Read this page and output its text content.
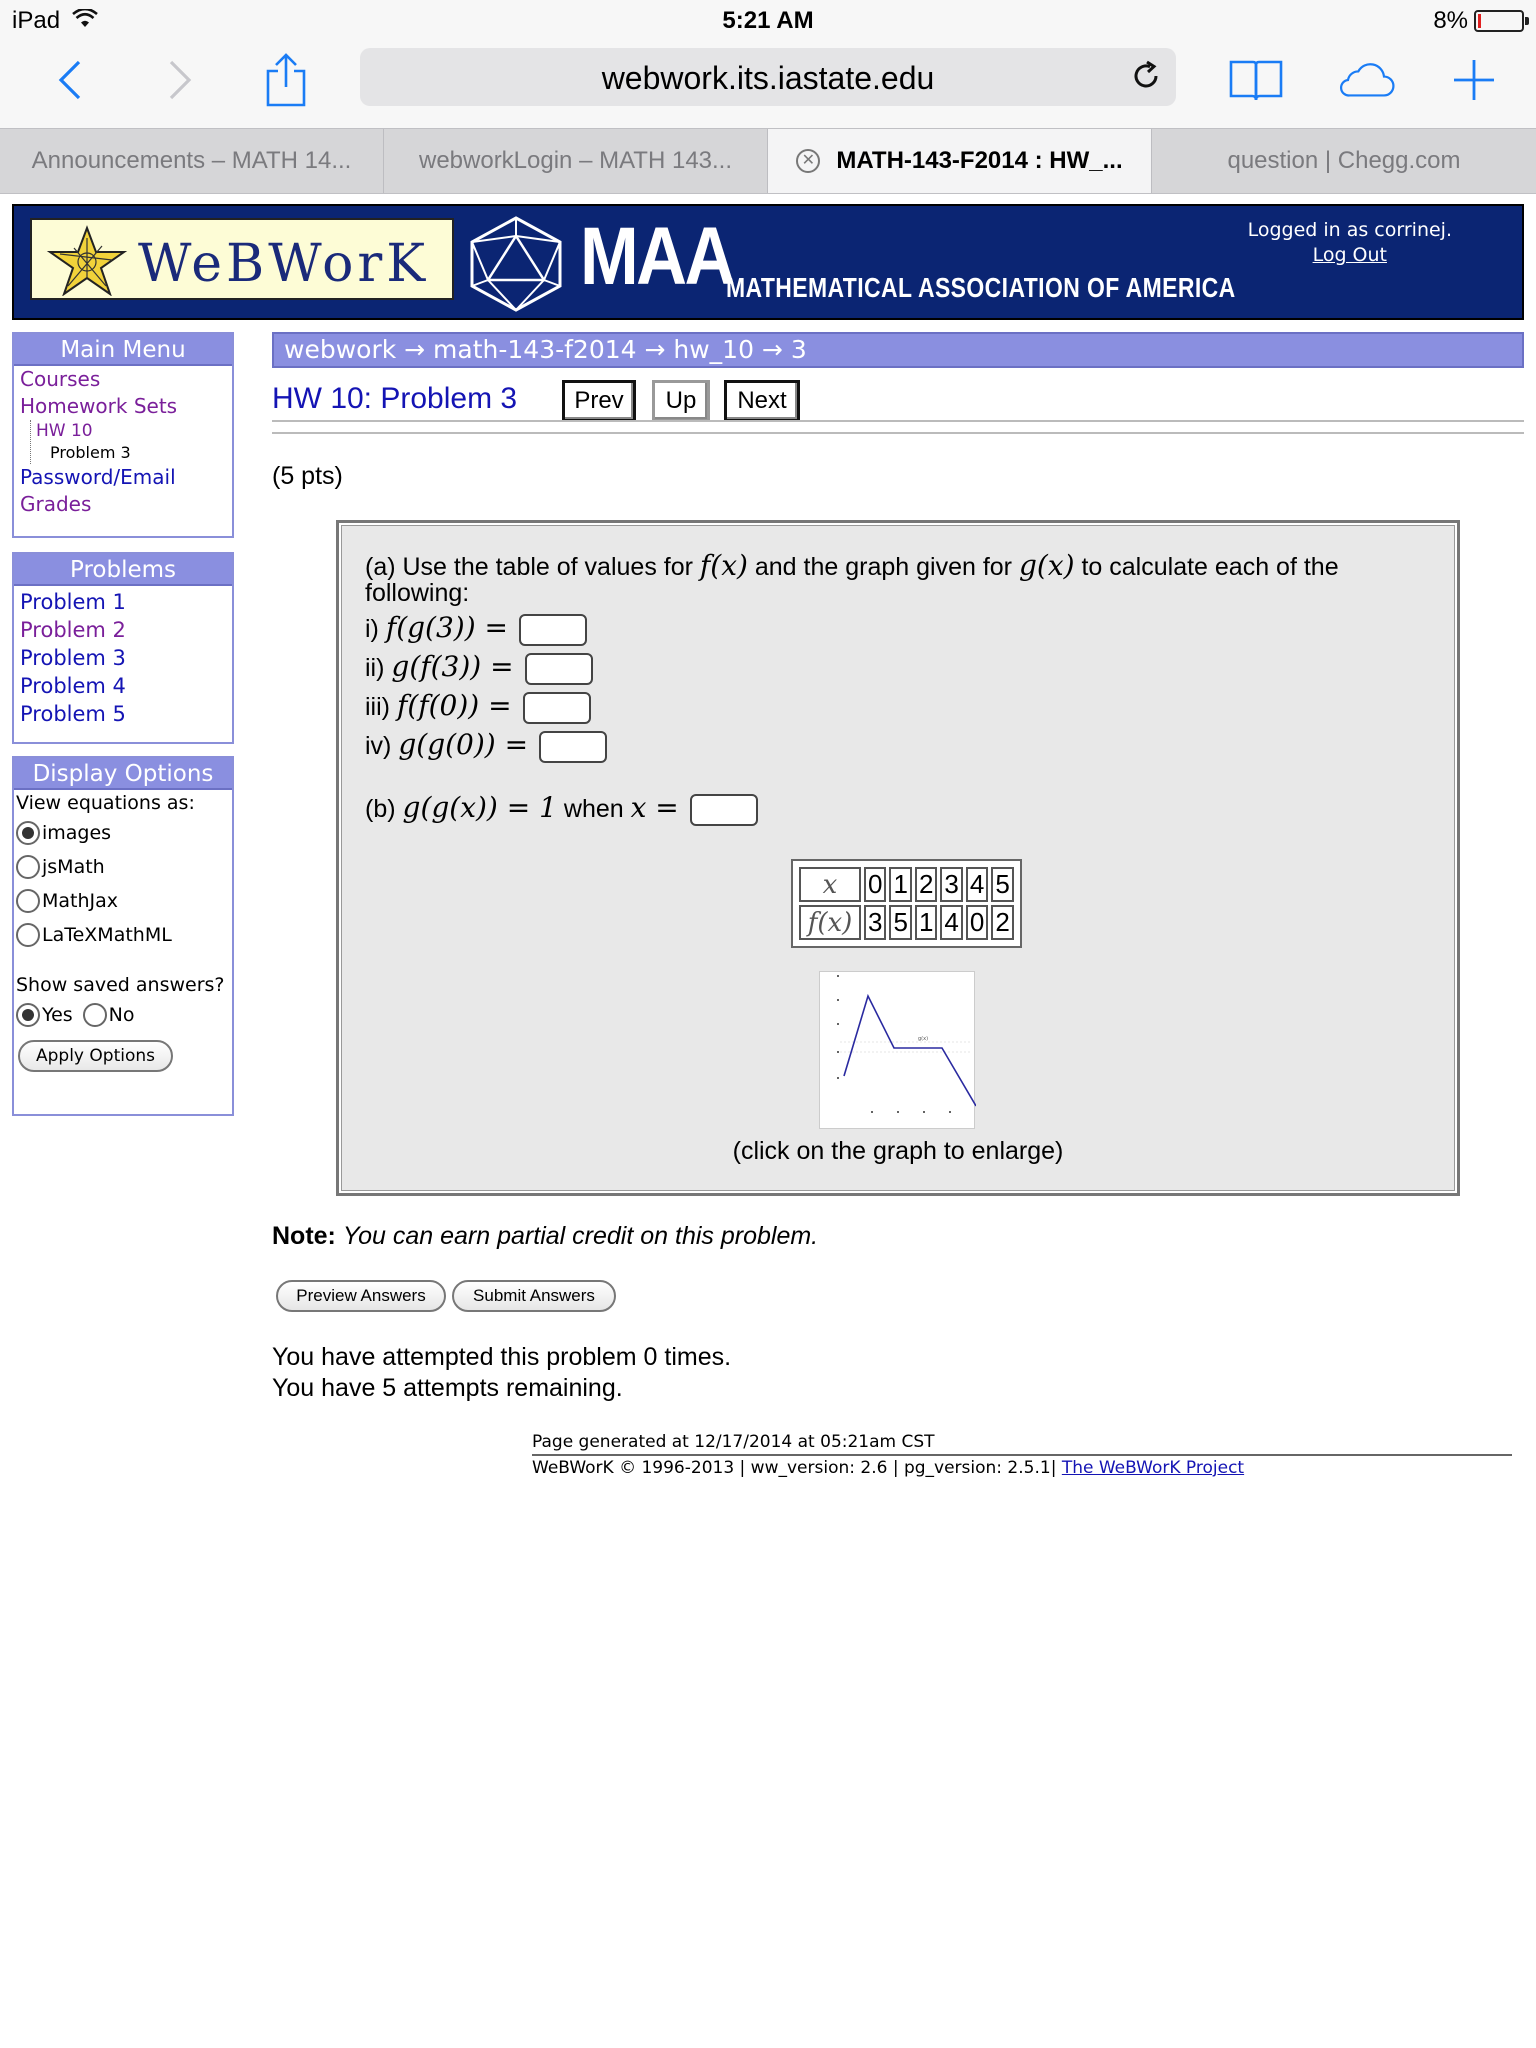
iPad	5:21 AM	8%
webwork.its.iastate.edu
Announcements – MATH 14...	webworkLogin – MATH 143...	✕ MATH-143-F2014 : HW_...	question | Chegg.com
WeBWorK MAA
MATHEMATICAL ASSOCIATION OF AMERICA
Logged in as corrinej.
Log Out
Main Menu
Courses
Homework Sets
HW 10
Problem 3
Password/Email
Grades
Problems
Problem 1
Problem 2
Problem 3
Problem 4
Problem 5
Display Options
View equations as:
images
jsMath
MathJax
LaTeXMathML
Show saved answers?
Yes No
Apply Options
webwork → math-143-f2014 → hw_10 → 3
HW 10: Problem 3	Prev	Up	Next
(5 pts)
(a) Use the table of values for f(x) and the graph given for g(x) to calculate each of the
following:
i) f(g(3)) =
ii) g(f(3)) =
iii) f(f(0)) =
iv) g(g(0)) =
(b) g(g(x)) = 1 when x =
x	0	1	2	3	4	5
f(x)	3	5	1	4	0	2
g(x)
(click on the graph to enlarge)
Note: You can earn partial credit on this problem.
Preview Answers	Submit Answers
You have attempted this problem 0 times.
You have 5 attempts remaining.
Page generated at 12/17/2014 at 05:21am CST
WeBWorK © 1996-2013 | ww_version: 2.6 | pg_version: 2.5.1| The WeBWorK Project
